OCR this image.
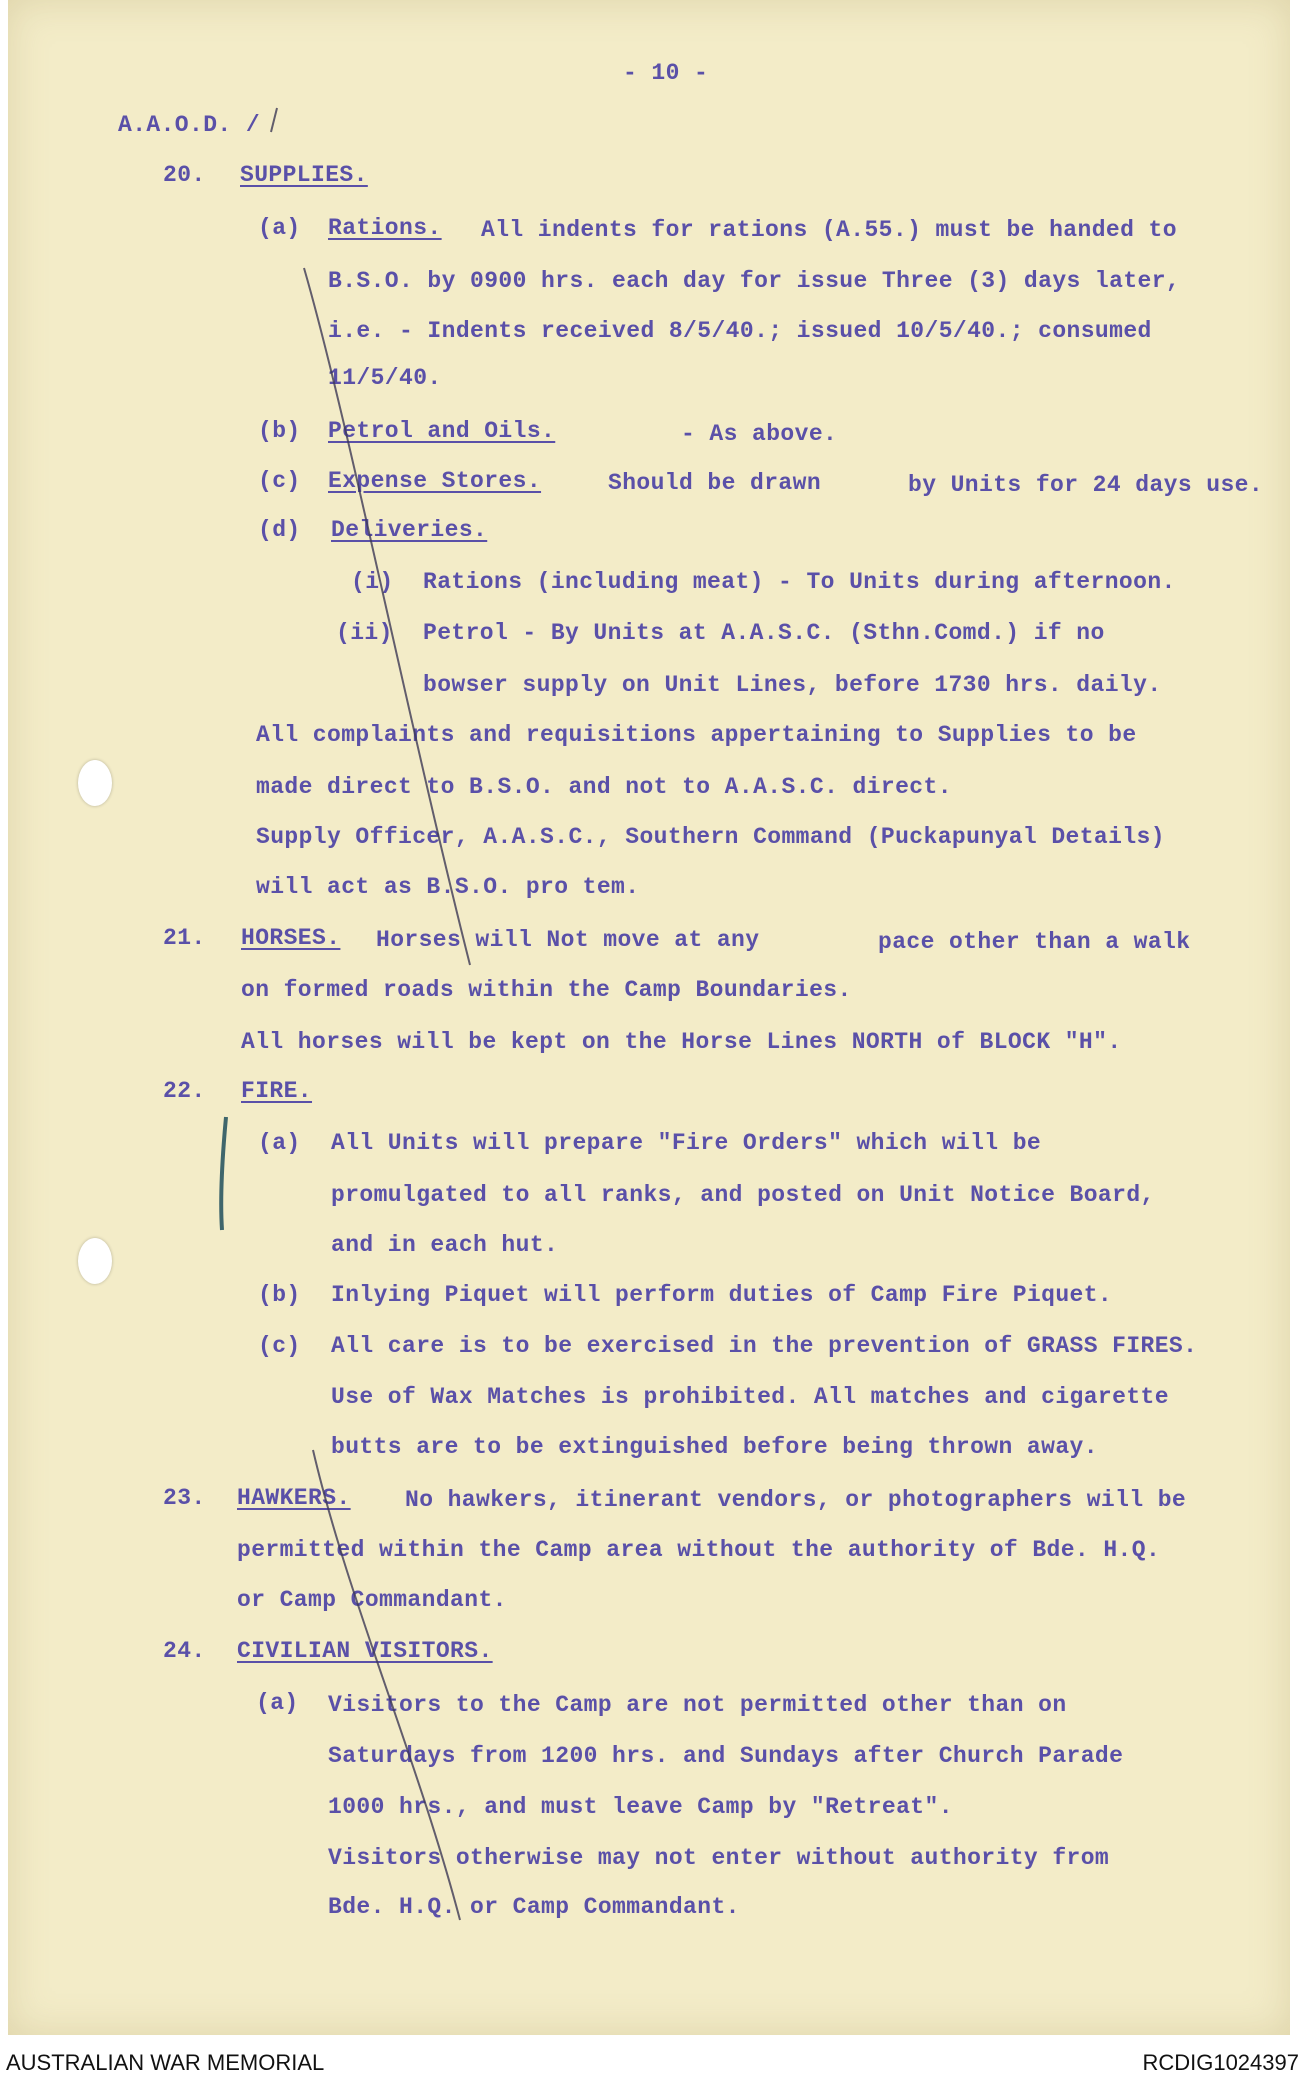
- 10 -
A.A.O.D. /
20. SUPPLIES.
(a) Rations. All indents for rations (A.55.) must be handed to
B.S.O. by 0900 hrs. each day for issue Three (3) days later,
i.e. - Indents received 8/5/40.; issued 10/5/40.; consumed
11/5/40.
(b) Petrol and Oils.	- As above.
(c) Expense Stores.	Should be drawn	by Units for 24 days use.
(d) Deliveries.
(i) Rations (including meat) - To Units during afternoon.
(ii) Petrol - By Units at A.A.S.C. (Sthn.Comd.) if no
bowser supply on Unit Lines, before 1730 hrs. daily.
All complaints and requisitions appertaining to Supplies to be
made direct to B.S.O. and not to A.A.S.C. direct.
Supply Officer, A.A.S.C., Southern Command (Puckapunyal Details)
will act as B.S.O. pro tem.
21. HORSES. Horses will Not move at any	pace other than a walk
on formed roads within the Camp Boundaries.
All horses will be kept on the Horse Lines NORTH of BLOCK "H".
22. FIRE.
(a) All Units will prepare "Fire Orders" which will be
promulgated to all ranks, and posted on Unit Notice Board,
and in each hut.
(b) Inlying Piquet will perform duties of Camp Fire Piquet.
(c) All care is to be exercised in the prevention of GRASS FIRES.
Use of Wax Matches is prohibited. All matches and cigarette
butts are to be extinguished before being thrown away.
23. HAWKERS. No hawkers, itinerant vendors, or photographers will be
permitted within the Camp area without the authority of Bde. H.Q.
or Camp Commandant.
24. CIVILIAN VISITORS.
(a) Visitors to the Camp are not permitted other than on
Saturdays from 1200 hrs. and Sundays after Church Parade
1000 hrs., and must leave Camp by "Retreat".
Visitors otherwise may not enter without authority from
Bde. H.Q. or Camp Commandant.
AUSTRALIAN WAR MEMORIAL	RCDIG1024397
